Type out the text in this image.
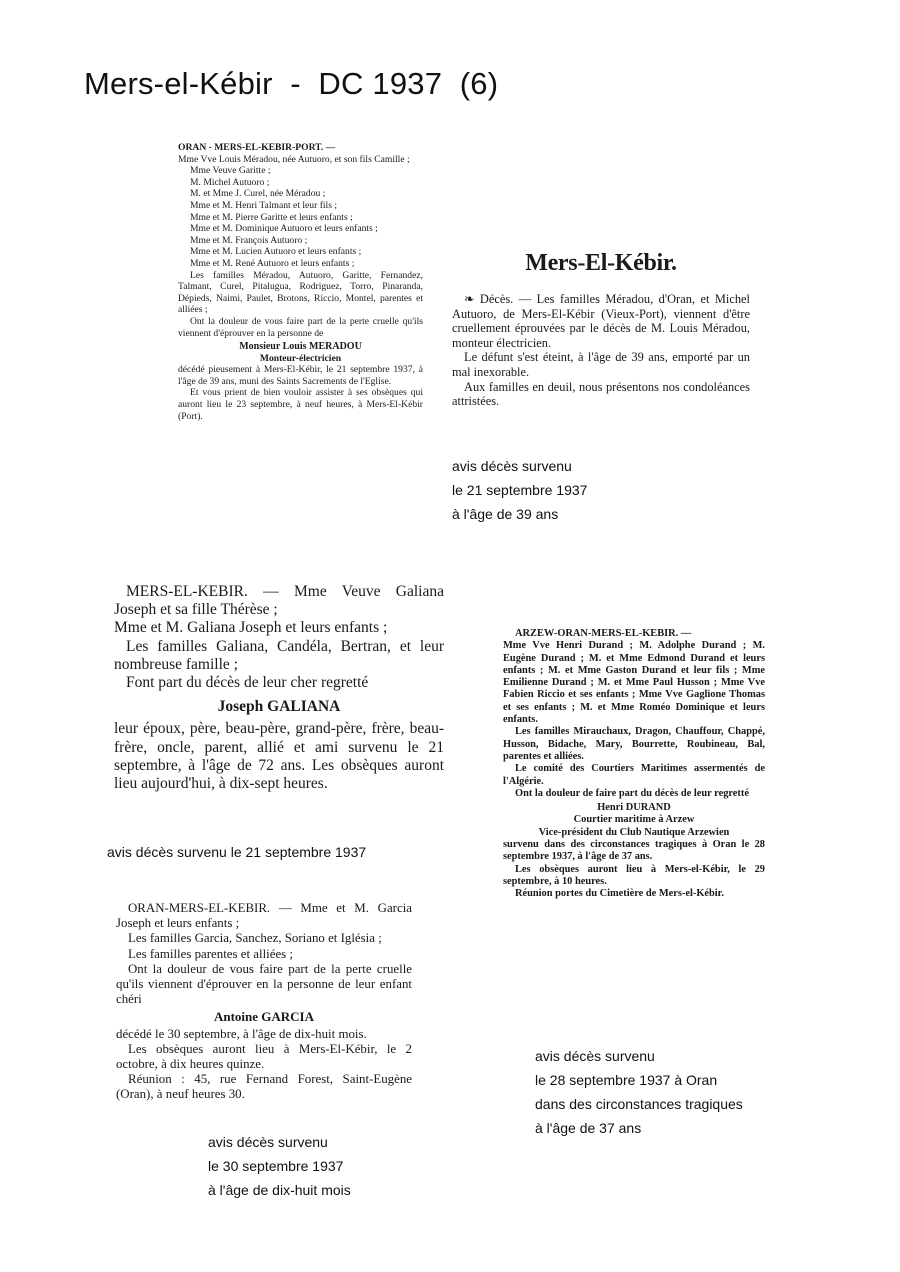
Mers-el-Kébir  -  DC 1937  (6)

ORAN - MERS-EL-KEBIR-PORT. —

Mme Vve Louis Méradou, née Autuoro, et son fils Camille ;

Mme Veuve Garitte ;

M. Michel Autuoro ;

M. et Mme J. Curel, née Méradou ;

Mme et M. Henri Talmant et leur fils ;

Mme et M. Pierre Garitte et leurs enfants ;

Mme et M. Dominique Autuoro et leurs enfants ;

Mme et M. François Autuoro ;

Mme et M. Lucien Autuoro et leurs enfants ;

Mme et M. René Autuoro et leurs enfants ;

Les familles Méradou, Autuoro, Garitte, Fernandez, Talmant, Curel, Pitalugua, Rodriguez, Torro, Pinaranda, Dépieds, Naimi, Paulet, Brotons, Riccio, Montel, parentes et alliées ;

Ont la douleur de vous faire part de la perte cruelle qu'ils viennent d'éprouver en la personne de

Monsieur Louis MERADOU

Monteur-électricien

décédé pieusement à Mers-El-Kébir, le 21 septembre 1937, à l'âge de 39 ans, muni des Saints Sacrements de l'Eglise.

Et vous prient de bien vouloir assister à ses obsèques qui auront lieu le 23 septembre, à neuf heures, à Mers-El-Kébir (Port).

Mers-El-Kébir.

❧ Décès. — Les familles Méradou, d'Oran, et Michel Autuoro, de Mers-El-Kébir (Vieux-Port), viennent d'être cruellement éprouvées par le décès de M. Louis Méradou, monteur électricien.

Le défunt s'est éteint, à l'âge de 39 ans, emporté par un mal inexorable.

Aux familles en deuil, nous présentons nos condoléances attristées.

MERS-EL-KEBIR. — Mme Veuve Galiana Joseph et sa fille Thérèse ;

Mme et M. Galiana Joseph et leurs enfants ;

Les familles Galiana, Candéla, Bertran, et leur nombreuse famille ;

Font part du décès de leur cher regretté

Joseph GALIANA

leur époux, père, beau-père, grand-père, frère, beau-frère, oncle, parent, allié et ami survenu le 21 septembre, à l'âge de 72 ans. Les obsèques auront lieu aujourd'hui, à dix-sept heures.

ARZEW-ORAN-MERS-EL-KEBIR. —

Mme Vve Henri Durand ; M. Adolphe Durand ; M. Eugène Durand ; M. et Mme Edmond Durand et leurs enfants ; M. et Mme Gaston Durand et leur fils ; Mme Emilienne Durand ; M. et Mme Paul Husson ; Mme Vve Fabien Riccio et ses enfants ; Mme Vve Gaglione Thomas et ses enfants ; M. et Mme Roméo Dominique et leurs enfants.

Les familles Mirauchaux, Dragon, Chauffour, Chappé, Husson, Bidache, Mary, Bourrette, Roubineau, Bal, parentes et alliées.

Le comité des Courtiers Maritimes assermentés de l'Algérie.

Ont la douleur de faire part du décès de leur regretté

Henri DURAND

Courtier maritime à Arzew

Vice-président du Club Nautique Arzewien

survenu dans des circonstances tragiques à Oran le 28 septembre 1937, à l'âge de 37 ans.

Les obsèques auront lieu à Mers-el-Kébir, le 29 septembre, à 10 heures.

Réunion portes du Cimetière de Mers-el-Kébir.

ORAN-MERS-EL-KEBIR. — Mme et M. Garcia Joseph et leurs enfants ;

Les familles Garcia, Sanchez, Soriano et Iglésia ;

Les familles parentes et alliées ;

Ont la douleur de vous faire part de la perte cruelle qu'ils viennent d'éprouver en la personne de leur enfant chéri

Antoine GARCIA

décédé le 30 septembre, à l'âge de dix-huit mois.

Les obsèques auront lieu à Mers-El-Kébir, le 2 octobre, à dix heures quinze.

Réunion : 45, rue Fernand Forest, Saint-Eugène (Oran), à neuf heures 30.

avis décès survenu

le 21 septembre 1937

à l'âge de 39 ans

avis décès survenu le 21 septembre 1937

avis décès survenu

le 28 septembre 1937 à Oran

dans des circonstances tragiques

à l'âge de 37 ans

avis décès survenu

le 30 septembre 1937

à l'âge de dix-huit mois
